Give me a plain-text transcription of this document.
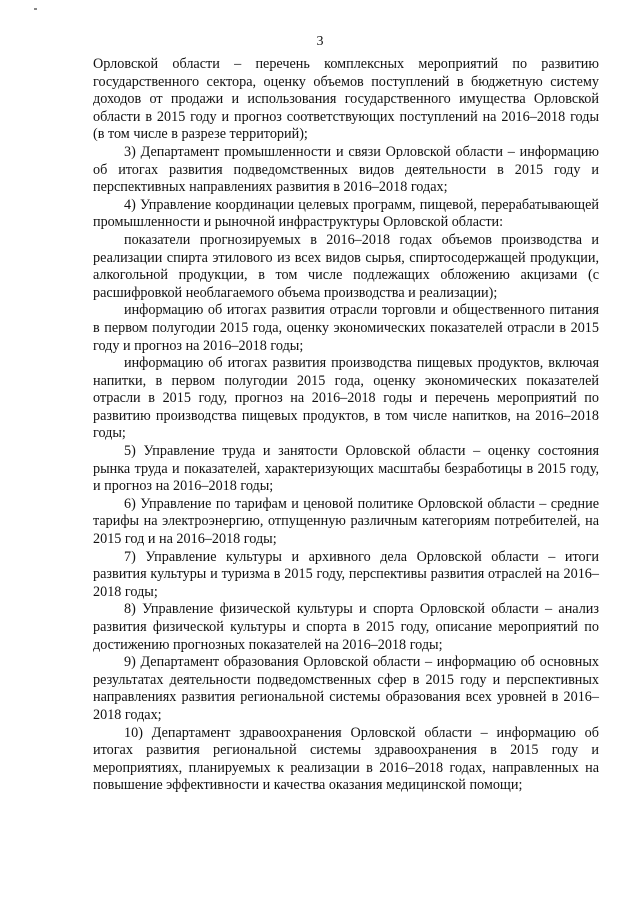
3

Орловской области – перечень комплексных мероприятий по развитию государственного сектора, оценку объемов поступлений в бюджетную систему доходов от продажи и использования государственного имущества Орловской области в 2015 году и прогноз соответствующих поступлений на 2016–2018 годы (в том числе в разрезе территорий);

3) Департамент промышленности и связи Орловской области – информацию об итогах развития подведомственных видов деятельности в 2015 году и перспективных направлениях развития в 2016–2018 годах;

4) Управление координации целевых программ, пищевой, перерабатывающей промышленности и рыночной инфраструктуры Орловской области:

показатели прогнозируемых в 2016–2018 годах объемов производства и реализации спирта этилового из всех видов сырья, спиртосодержащей продукции, алкогольной продукции, в том числе подлежащих обложению акцизами (с расшифровкой необлагаемого объема производства и реализации);

информацию об итогах развития отрасли торговли и общественного питания в первом полугодии 2015 года, оценку экономических показателей отрасли в 2015 году и прогноз на 2016–2018 годы;

информацию об итогах развития производства пищевых продуктов, включая напитки, в первом полугодии 2015 года, оценку экономических показателей отрасли в 2015 году, прогноз на 2016–2018 годы и перечень мероприятий по развитию производства пищевых продуктов, в том числе напитков, на 2016–2018 годы;

5) Управление труда и занятости Орловской области – оценку состояния рынка труда и показателей, характеризующих масштабы безработицы в 2015 году, и прогноз на 2016–2018 годы;

6) Управление по тарифам и ценовой политике Орловской области – средние тарифы на электроэнергию, отпущенную различным категориям потребителей, на 2015 год и на 2016–2018 годы;

7) Управление культуры и архивного дела Орловской области – итоги развития культуры и туризма в 2015 году, перспективы развития отраслей на 2016–2018 годы;

8) Управление физической культуры и спорта Орловской области – анализ развития физической культуры и спорта в 2015 году, описание мероприятий по достижению прогнозных показателей на 2016–2018 годы;

9) Департамент образования Орловской области – информацию об основных результатах деятельности подведомственных сфер в 2015 году и перспективных направлениях развития региональной системы образования всех уровней в 2016–2018 годах;

10) Департамент здравоохранения Орловской области – информацию об итогах развития региональной системы здравоохранения в 2015 году и мероприятиях, планируемых к реализации в 2016–2018 годах, направленных на повышение эффективности и качества оказания медицинской помощи;
